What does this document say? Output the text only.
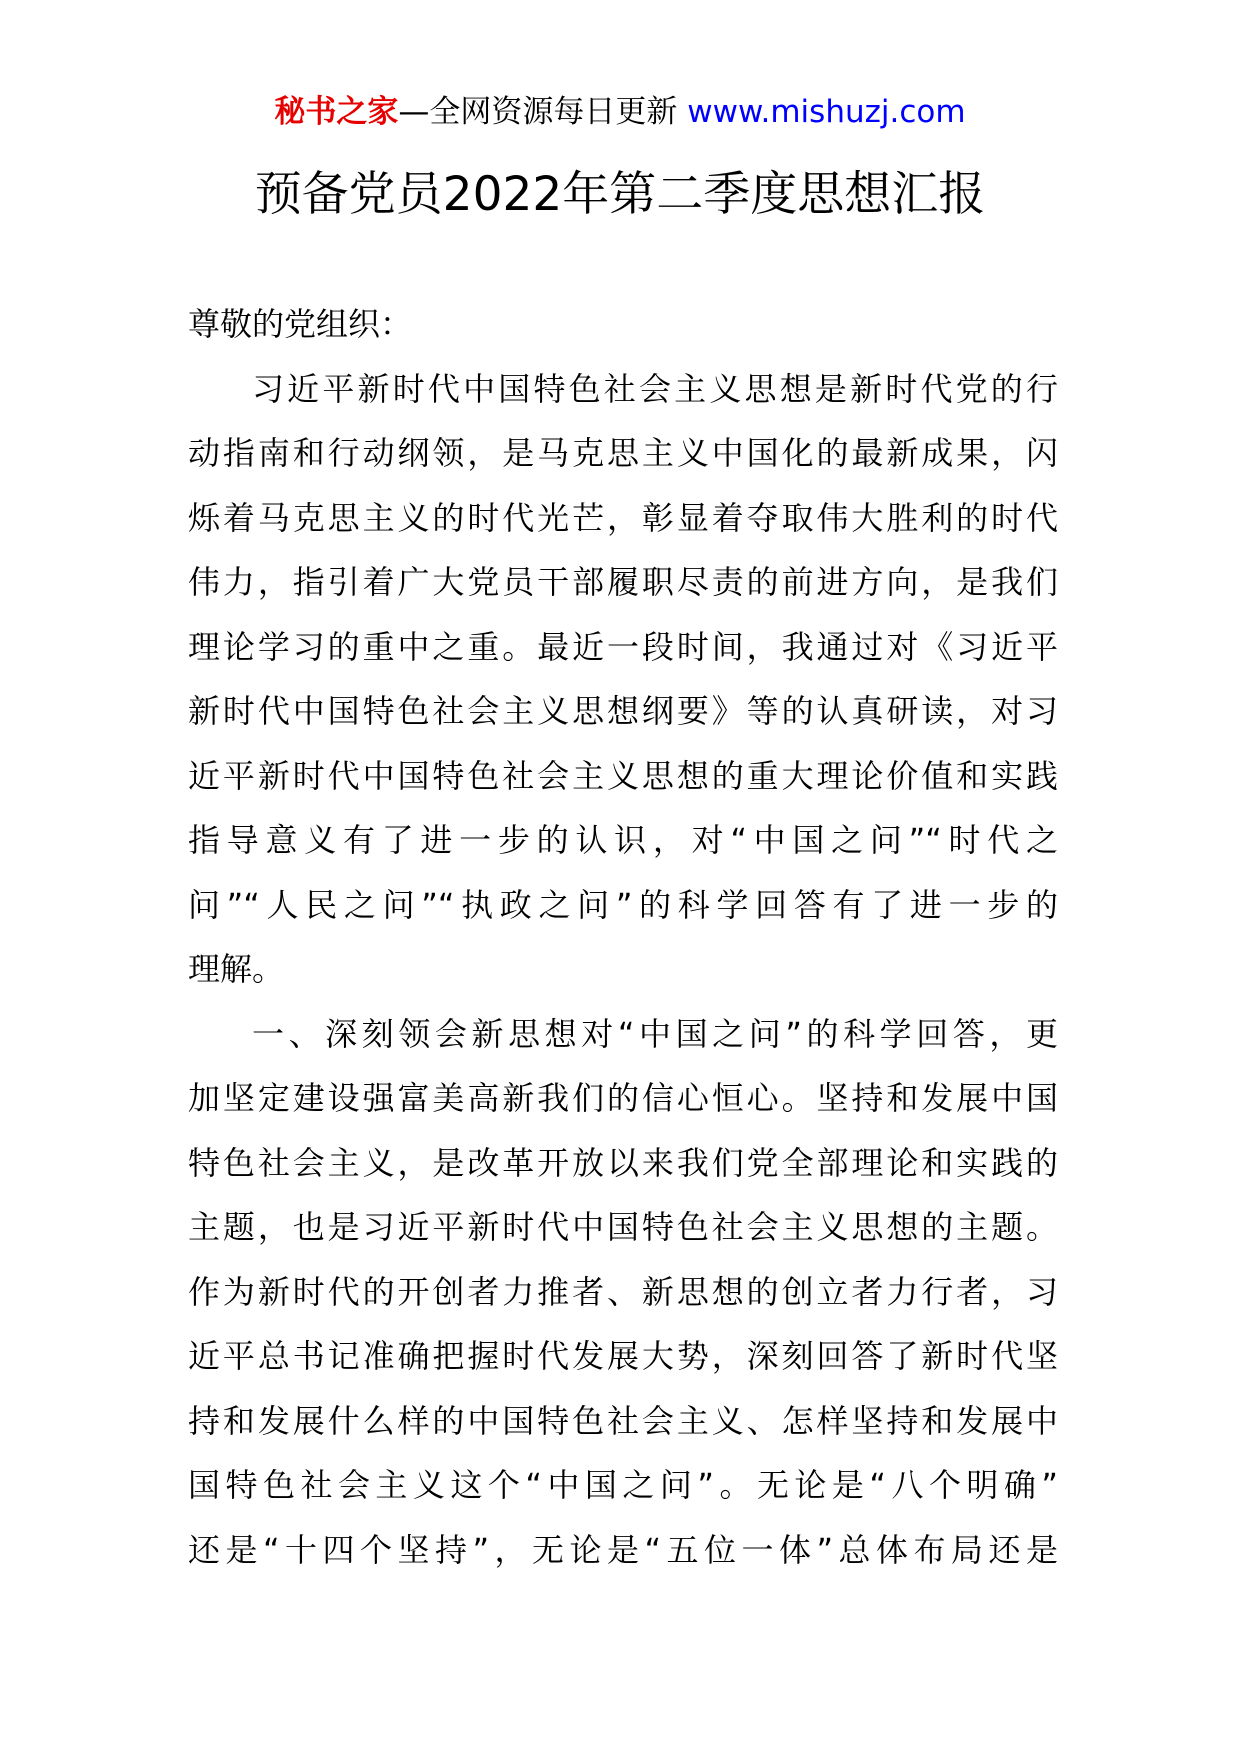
秘书之家—全网资源每日更新 www.mishuzj.com
预备党员2022年第二季度思想汇报
尊敬的党组织：
习近平新时代中国特色社会主义思想是新时代党的行
动指南和行动纲领，是马克思主义中国化的最新成果，闪
烁着马克思主义的时代光芒，彰显着夺取伟大胜利的时代
伟力，指引着广大党员干部履职尽责的前进方向，是我们
理论学习的重中之重。最近一段时间，我通过对《习近平
新时代中国特色社会主义思想纲要》等的认真研读，对习
近平新时代中国特色社会主义思想的重大理论价值和实践
指导意义有了进一步的认识，对“中国之问”“时代之
问”“人民之问”“执政之问”的科学回答有了进一步的
理解。
一、深刻领会新思想对“中国之问”的科学回答，更
加坚定建设强富美高新我们的信心恒心。坚持和发展中国
特色社会主义，是改革开放以来我们党全部理论和实践的
主题，也是习近平新时代中国特色社会主义思想的主题。
作为新时代的开创者力推者、新思想的创立者力行者，习
近平总书记准确把握时代发展大势，深刻回答了新时代坚
持和发展什么样的中国特色社会主义、怎样坚持和发展中
国特色社会主义这个“中国之问”。无论是“八个明确”
还是“十四个坚持”，无论是“五位一体”总体布局还是
